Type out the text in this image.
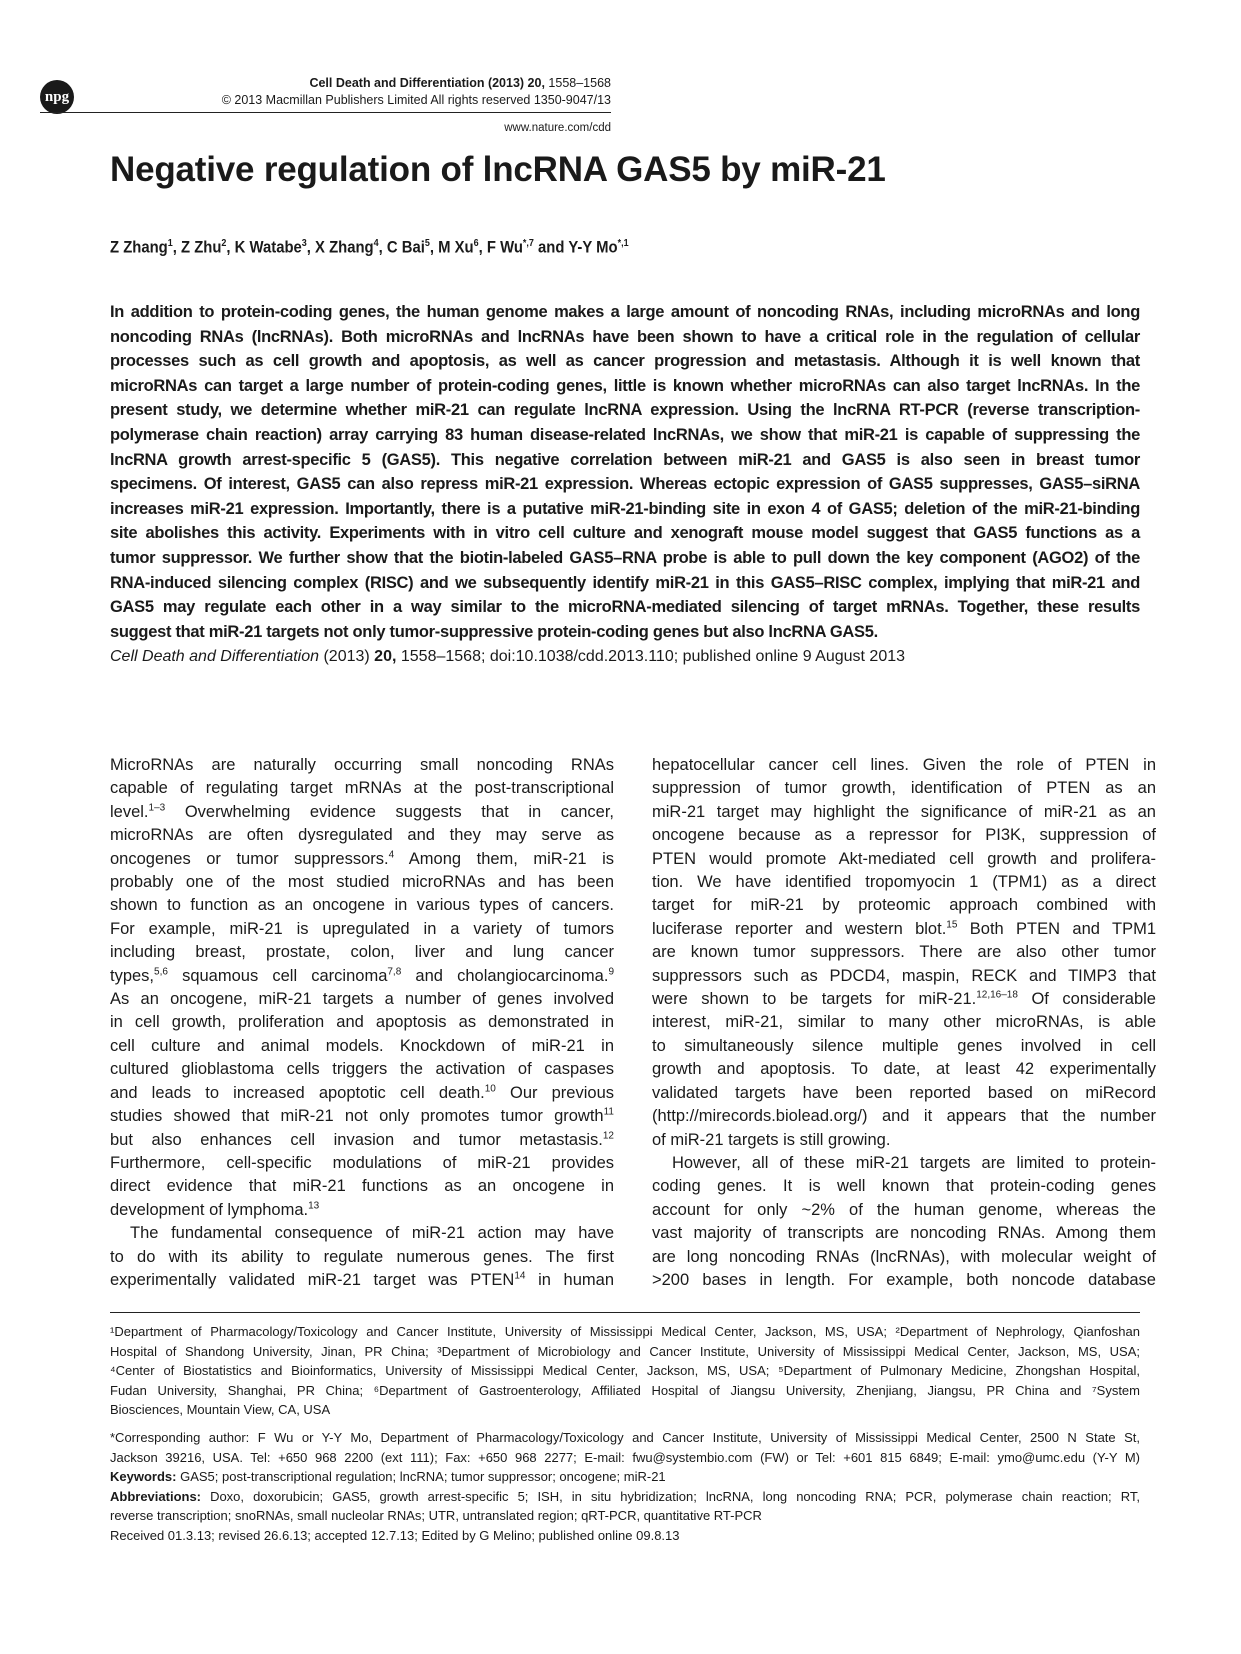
npg
Cell Death and Differentiation (2013) 20, 1558–1568
© 2013 Macmillan Publishers Limited All rights reserved 1350-9047/13
www.nature.com/cdd
Negative regulation of lncRNA GAS5 by miR-21
Z Zhang$^1$, Z Zhu$^2$, K Watabe$^3$, X Zhang$^4$, C Bai$^5$, M Xu$^6$, F $Wu^{*,7}$ and Y-Y $Mo^{*,1}$
In addition to protein-coding genes, the human genome makes a large amount of noncoding RNAs, including microRNAs and long
noncoding RNAs (lncRNAs). Both microRNAs and lncRNAs have been shown to have a critical role in the regulation of cellular
processes such as cell growth and apoptosis, as well as cancer progression and metastasis. Although it is well known that
microRNAs can target a large number of protein-coding genes, little is known whether microRNAs can also target lncRNAs. In the
present study, we determine whether miR-21 can regulate lncRNA expression. Using the lncRNA RT-PCR (reverse transcription-
polymerase chain reaction) array carrying 83 human disease-related lncRNAs, we show that miR-21 is capable of suppressing the
lncRNA growth arrest-specific 5 (GAS5). This negative correlation between miR-21 and GAS5 is also seen in breast tumor
specimens. Of interest, GAS5 can also repress miR-21 expression. Whereas ectopic expression of GAS5 suppresses, GAS5–siRNA
increases miR-21 expression. Importantly, there is a putative miR-21-binding site in exon 4 of GAS5; deletion of the miR-21-binding
site abolishes this activity. Experiments with in vitro cell culture and xenograft mouse model suggest that GAS5 functions as a
tumor suppressor. We further show that the biotin-labeled GAS5–RNA probe is able to pull down the key component (AGO2) of the
RNA-induced silencing complex (RISC) and we subsequently identify miR-21 in this GAS5–RISC complex, implying that miR-21 and
GAS5 may regulate each other in a way similar to the microRNA-mediated silencing of target mRNAs. Together, these results
suggest that miR-21 targets not only tumor-suppressive protein-coding genes but also lncRNA GAS5.
Cell Death and Differentiation (2013) 20, 1558–1568; doi:10.1038/cdd.2013.110; published online 9 August 2013
MicroRNAs are naturally occurring small noncoding RNAs
capable of regulating target mRNAs at the post-transcriptional
level.$^{1-3}$ Overwhelming evidence suggests that in cancer,
microRNAs are often dysregulated and they may serve as
oncogenes or tumor suppressors.$^4$ Among them, miR-21 is
probably one of the most studied microRNAs and has been
shown to function as an oncogene in various types of cancers.
For example, miR-21 is upregulated in a variety of tumors
including breast, prostate, colon, liver and lung cancer
types,$^{5,6}$ squamous cell carcinoma$^{7,8}$ and cholangiocarcinoma.$^9$
As an oncogene, miR-21 targets a number of genes involved
in cell growth, proliferation and apoptosis as demonstrated in
cell culture and animal models. Knockdown of miR-21 in
cultured glioblastoma cells triggers the activation of caspases
and leads to increased apoptotic cell death.$^{10}$ Our previous
studies showed that miR-21 not only promotes tumor growth$^{11}$
but also enhances cell invasion and tumor metastasis.$^{12}$
Furthermore, cell-specific modulations of miR-21 provides
direct evidence that miR-21 functions as an oncogene in
development of lymphoma.$^{13}$
The fundamental consequence of miR-21 action may have
to do with its ability to regulate numerous genes. The first
experimentally validated miR-21 target was PTEN$^{14}$ in human
hepatocellular cancer cell lines. Given the role of PTEN in
suppression of tumor growth, identification of PTEN as an
miR-21 target may highlight the significance of miR-21 as an
oncogene because as a repressor for PI3K, suppression of
PTEN would promote Akt-mediated cell growth and prolifera-
tion. We have identified tropomyocin 1 (TPM1) as a direct
target for miR-21 by proteomic approach combined with
luciferase reporter and western blot.$^{15}$ Both PTEN and TPM1
are known tumor suppressors. There are also other tumor
suppressors such as PDCD4, maspin, RECK and TIMP3 that
were shown to be targets for miR-21.$^{12,16-18}$ Of considerable
interest, miR-21, similar to many other microRNAs, is able
to simultaneously silence multiple genes involved in cell
growth and apoptosis. To date, at least 42 experimentally
validated targets have been reported based on miRecord
(http://mirecords.biolead.org/) and it appears that the number
of miR-21 targets is still growing.
However, all of these miR-21 targets are limited to protein-
coding genes. It is well known that protein-coding genes
account for only ~2% of the human genome, whereas the
vast majority of transcripts are noncoding RNAs. Among them
are long noncoding RNAs (lncRNAs), with molecular weight of
>200 bases in length. For example, both noncode database
¹Department of Pharmacology/Toxicology and Cancer Institute, University of Mississippi Medical Center, Jackson, MS, USA; ²Department of Nephrology, Qianfoshan
Hospital of Shandong University, Jinan, PR China; ³Department of Microbiology and Cancer Institute, University of Mississippi Medical Center, Jackson, MS, USA;
⁴Center of Biostatistics and Bioinformatics, University of Mississippi Medical Center, Jackson, MS, USA; ⁵Department of Pulmonary Medicine, Zhongshan Hospital,
Fudan University, Shanghai, PR China; ⁶Department of Gastroenterology, Affiliated Hospital of Jiangsu University, Zhenjiang, Jiangsu, PR China and ⁷System
Biosciences, Mountain View, CA, USA
*Corresponding author: F Wu or Y-Y Mo, Department of Pharmacology/Toxicology and Cancer Institute, University of Mississippi Medical Center, 2500 N State St,
Jackson 39216, USA. Tel: +650 968 2200 (ext 111); Fax: +650 968 2277; E-mail: fwu@systembio.com (FW) or Tel: +601 815 6849; E-mail: ymo@umc.edu (Y-Y M)
Keywords: GAS5; post-transcriptional regulation; lncRNA; tumor suppressor; oncogene; miR-21
Abbreviations: Doxo, doxorubicin; GAS5, growth arrest-specific 5; ISH, in situ hybridization; lncRNA, long noncoding RNA; PCR, polymerase chain reaction; RT,
reverse transcription; snoRNAs, small nucleolar RNAs; UTR, untranslated region; qRT-PCR, quantitative RT-PCR
Received 01.3.13; revised 26.6.13; accepted 12.7.13; Edited by G Melino; published online 09.8.13
